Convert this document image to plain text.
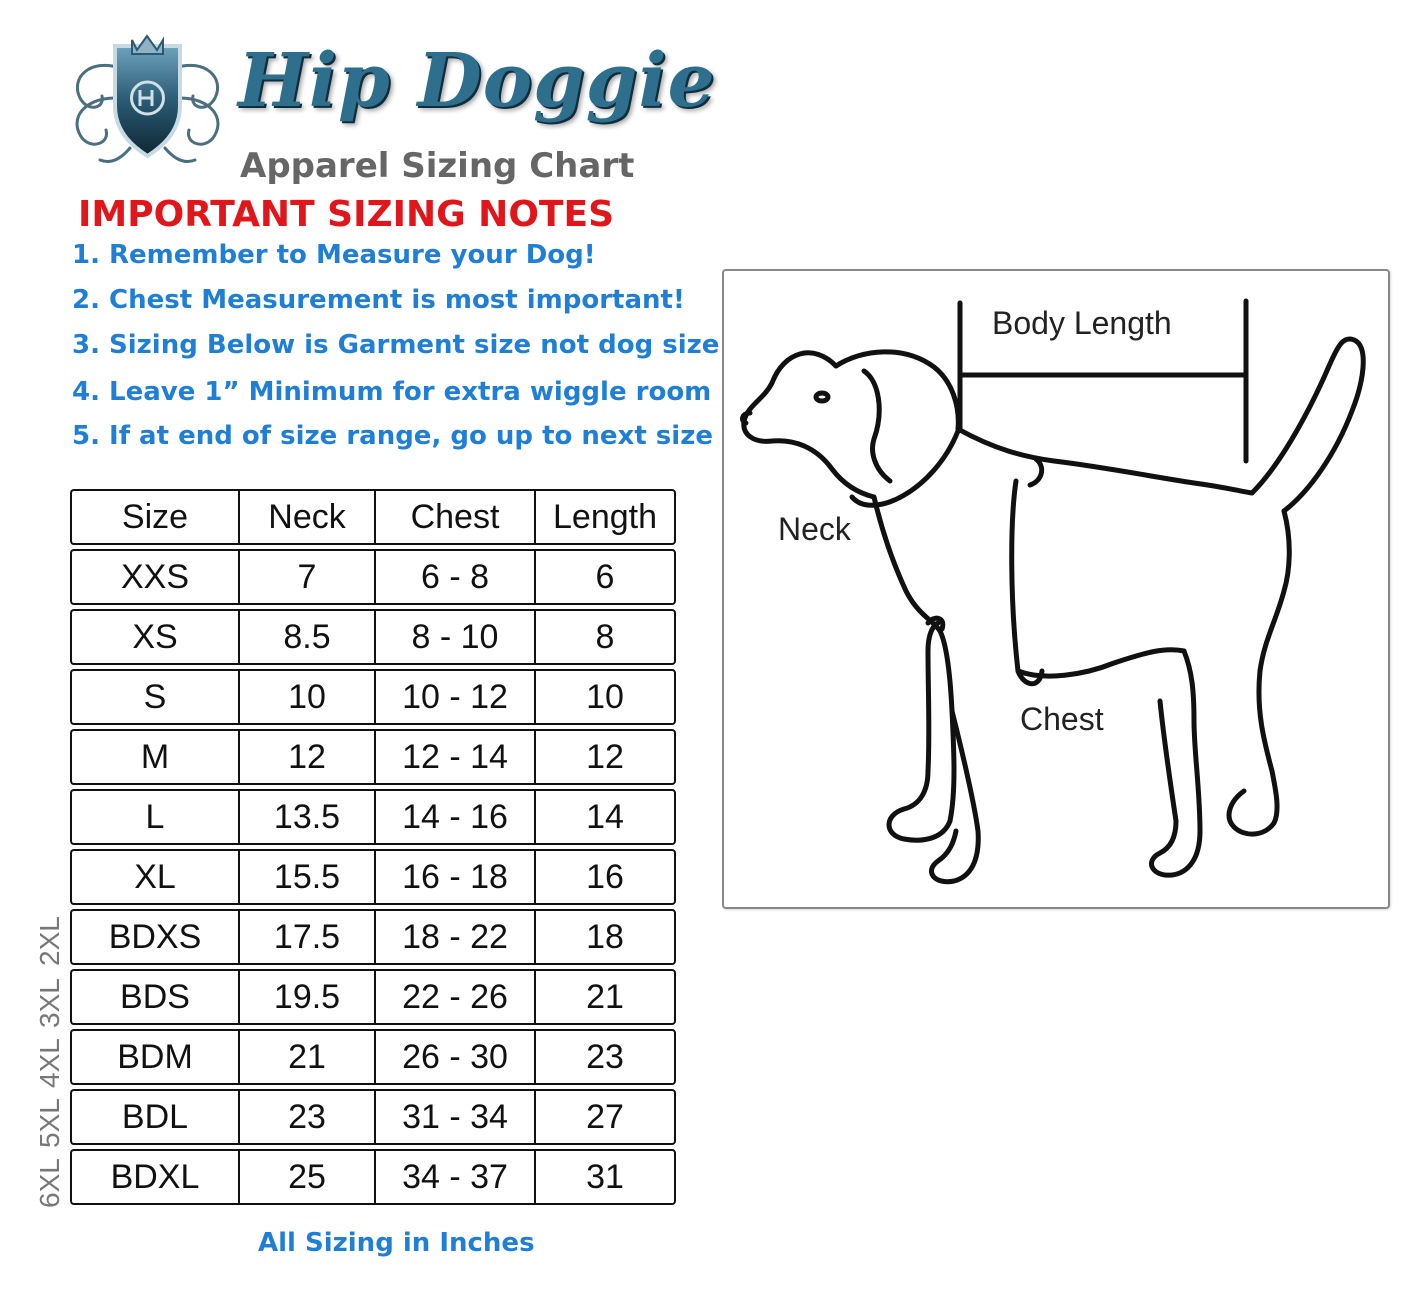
Hip Doggie
Apparel Sizing Chart
IMPORTANT SIZING NOTES
1. Remember to Measure your Dog!
2. Chest Measurement is most important!
3. Sizing Below is Garment size not dog size
4. Leave 1” Minimum for extra wiggle room
5. If at end of size range, go up to next size
Size	Neck	Chest	Length
XXS	7	6 - 8	6
XS	8.5	8 - 10	8
S	10	10 - 12	10
M	12	12 - 14	12
L	13.5	14 - 16	14
XL	15.5	16 - 18	16
BDXS	17.5	18 - 22	18
BDS	19.5	22 - 26	21
BDM	21	26 - 30	23
BDL	23	31 - 34	27
BDXL	25	34 - 37	31
2XL
3XL
4XL
5XL
6XL
All Sizing in Inches
Body Length
Neck
Chest
